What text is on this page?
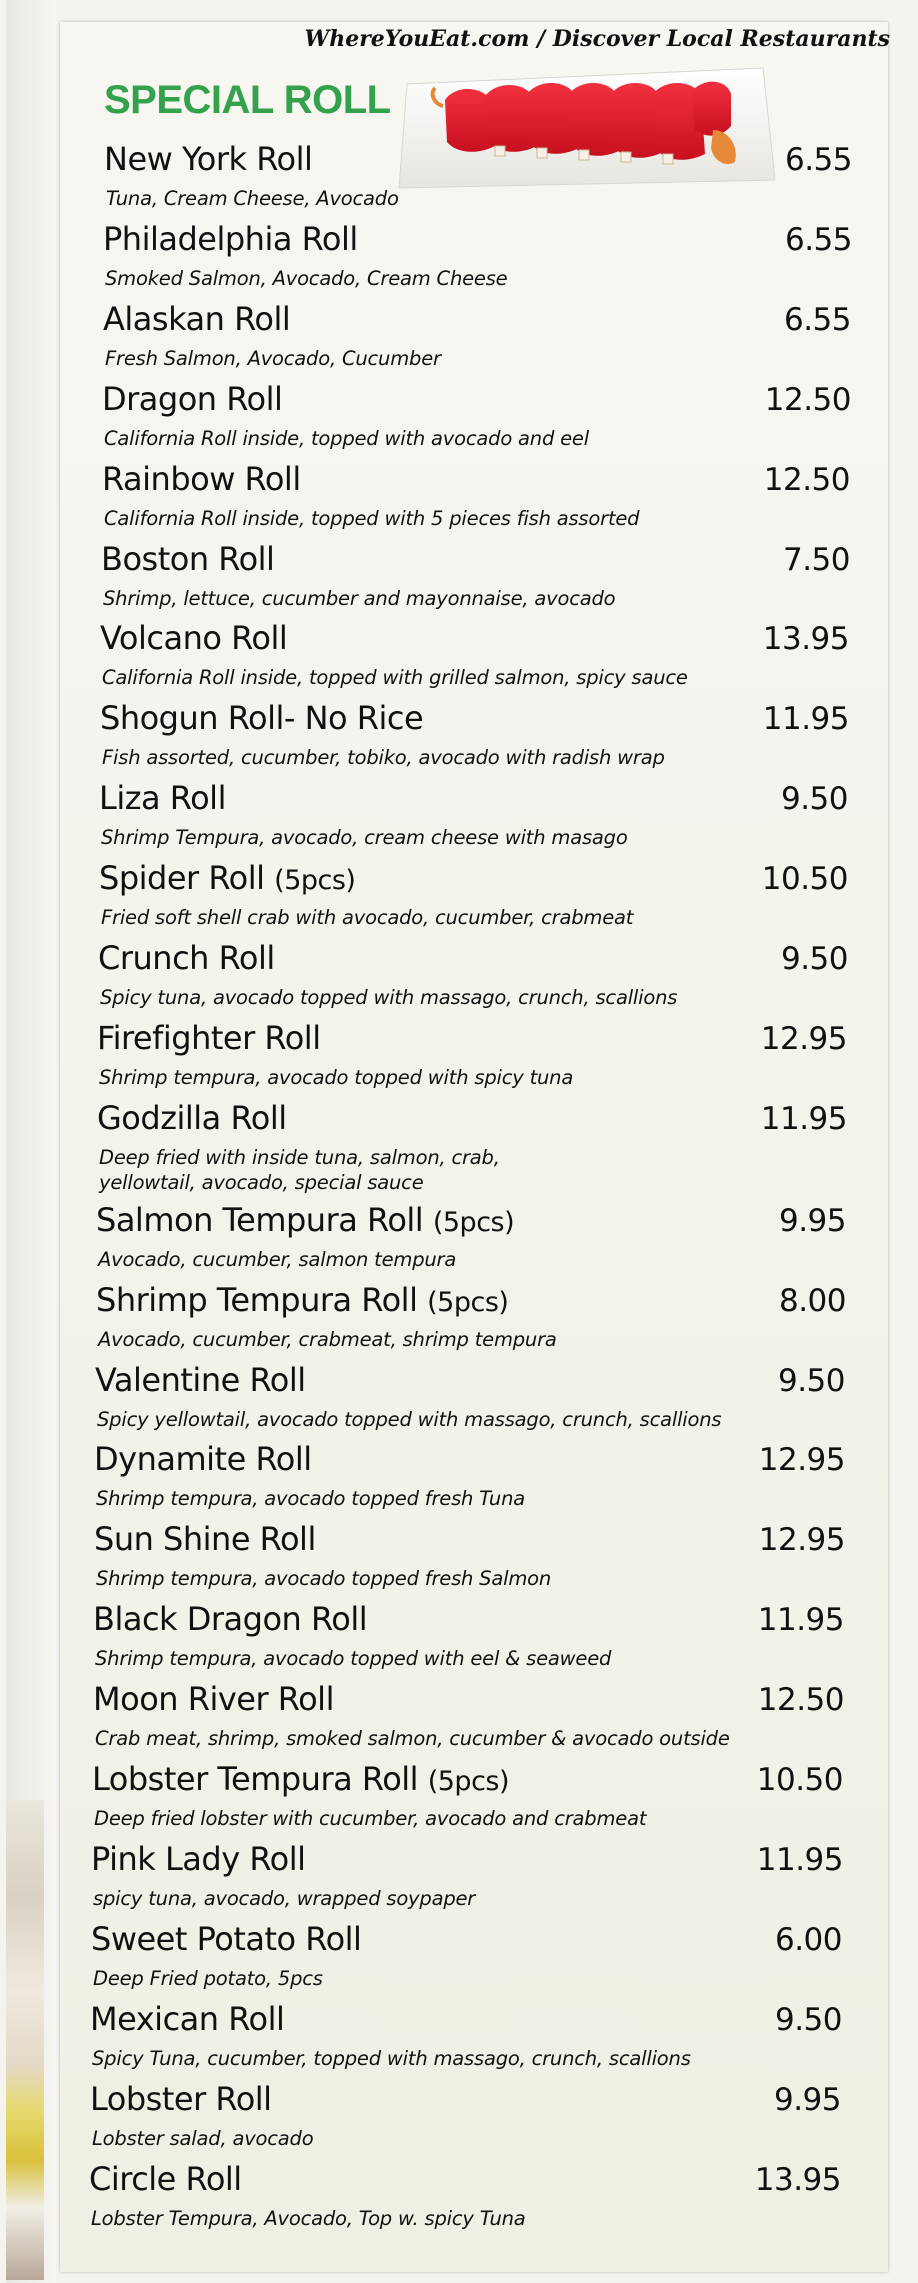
WhereYouEat.com / Discover Local Restaurants
SPECIAL ROLL
New York Roll
Tuna, Cream Cheese, Avocado
6.55
Philadelphia Roll
Smoked Salmon, Avocado, Cream Cheese
6.55
Alaskan Roll
Fresh Salmon, Avocado, Cucumber
6.55
Dragon Roll
California Roll inside, topped with avocado and eel
12.50
Rainbow Roll
California Roll inside, topped with 5 pieces fish assorted
12.50
Boston Roll
Shrimp, lettuce, cucumber and mayonnaise, avocado
7.50
Volcano Roll
California Roll inside, topped with grilled salmon, spicy sauce
13.95
Shogun Roll- No Rice
Fish assorted, cucumber, tobiko, avocado with radish wrap
11.95
Liza Roll
Shrimp Tempura, avocado, cream cheese with masago
9.50
Spider Roll (5pcs)
Fried soft shell crab with avocado, cucumber, crabmeat
10.50
Crunch Roll
Spicy tuna, avocado topped with massago, crunch, scallions
9.50
Firefighter Roll
Shrimp tempura, avocado topped with spicy tuna
12.95
Godzilla Roll
Deep fried with inside tuna, salmon, crab,
yellowtail, avocado, special sauce
11.95
Salmon Tempura Roll (5pcs)
Avocado, cucumber, salmon tempura
9.95
Shrimp Tempura Roll (5pcs)
Avocado, cucumber, crabmeat, shrimp tempura
8.00
Valentine Roll
Spicy yellowtail, avocado topped with massago, crunch, scallions
9.50
Dynamite Roll
Shrimp tempura, avocado topped fresh Tuna
12.95
Sun Shine Roll
Shrimp tempura, avocado topped fresh Salmon
12.95
Black Dragon Roll
Shrimp tempura, avocado topped with eel & seaweed
11.95
Moon River Roll
Crab meat, shrimp, smoked salmon, cucumber & avocado outside
12.50
Lobster Tempura Roll (5pcs)
Deep fried lobster with cucumber, avocado and crabmeat
10.50
Pink Lady Roll
spicy tuna, avocado, wrapped soypaper
11.95
Sweet Potato Roll
Deep Fried potato, 5pcs
6.00
Mexican Roll
Spicy Tuna, cucumber, topped with massago, crunch, scallions
9.50
Lobster Roll
Lobster salad, avocado
9.95
Circle Roll
Lobster Tempura, Avocado, Top w. spicy Tuna
13.95
